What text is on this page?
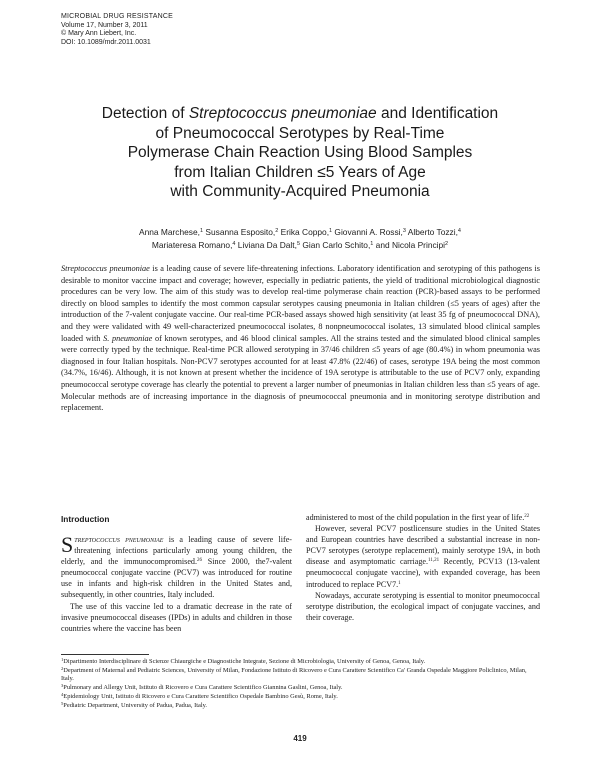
MICROBIAL DRUG RESISTANCE
Volume 17, Number 3, 2011
© Mary Ann Liebert, Inc.
DOI: 10.1089/mdr.2011.0031
Detection of Streptococcus pneumoniae and Identification
of Pneumococcal Serotypes by Real-Time
Polymerase Chain Reaction Using Blood Samples
from Italian Children ≤5 Years of Age
with Community-Acquired Pneumonia
Anna Marchese,$^1$ Susanna Esposito,$^2$ Erika Coppo,$^1$ Giovanni A. Rossi,$^3$ Alberto Tozzi,$^4$
Mariateresa Romano,$^4$ Liviana Da Dalt,$^5$ Gian Carlo Schito,$^1$ and Nicola Principi$^2$
Streptococcus pneumoniae is a leading cause of severe life-threatening infections. Laboratory identification and serotyping of this pathogens is desirable to monitor vaccine impact and coverage; however, especially in pediatric patients, the yield of traditional microbiological diagnostic procedures can be very low. The aim of this study was to develop real-time polymerase chain reaction (PCR)-based assays to be performed directly on blood samples to identify the most common capsular serotypes causing pneumonia in Italian children (≤5 years of ages) after the introduction of the 7-valent conjugate vaccine. Our real-time PCR-based assays showed high sensitivity (at least 35 fg of pneumococcal DNA), and they were validated with 49 well-characterized pneumococcal isolates, 8 nonpneumococcal isolates, 13 simulated blood clinical samples loaded with S. pneumoniae of known serotypes, and 46 blood clinical samples. All the strains tested and the simulated blood clinical samples were correctly typed by the technique. Real-time PCR allowed serotyping in 37/46 children ≤5 years of age (80.4%) in whom pneumonia was diagnosed in four Italian hospitals. Non-PCV7 serotypes accounted for at least 47.8% (22/46) of cases, serotype 19A being the most common (34.7%, 16/46). Although, it is not known at present whether the incidence of 19A serotype is attributable to the use of PCV7 only, expanding pneumococcal serotype coverage has clearly the potential to prevent a larger number of pneumonias in Italian children less than ≤5 years of age. Molecular methods are of increasing importance in the diagnosis of pneumococcal pneumonia and in monitoring serotype distribution and replacement.
Introduction

Streptococcus pneumoniae is a leading cause of severe life-threatening infections particularly among young children, the elderly, and the immunocompromised.$^{26}$ Since 2000, the7-valent pneumococcal conjugate vaccine (PCV7) was introduced for routine use in infants and high-risk children in the United States and, subsequently, in other countries, Italy included.

The use of this vaccine led to a dramatic decrease in the rate of invasive pneumococcal diseases (IPDs) in adults and children in those countries where the vaccine has been

administered to most of the child population in the first year of life.$^{22}$

However, several PCV7 postlicensure studies in the United States and European countries have described a substantial increase in non-PCV7 serotypes (serotype replacement), mainly serotype 19A, in both disease and asymptomatic carriage.$^{11,21}$ Recently, PCV13 (13-valent pneumococcal conjugate vaccine), with expanded coverage, has been introduced to replace PCV7.$^1$

Nowadays, accurate serotyping is essential to monitor pneumococcal serotype distribution, the ecological impact of conjugate vaccines, and their coverage.

$^1$Dipartimento Interdisciplinare di Scienze Chiaurgiche e Diagnostiche Integrate, Sezione di Microbiologia, University of Genoa, Genoa, Italy.
$^2$Department of Maternal and Pediatric Sciences, University of Milan, Fondazione Istituto di Ricovero e Cura Carattere Scientifico Ca' Granda Ospedale Maggiore Policlinico, Milan, Italy.
$^3$Pulmonary and Allergy Unit, Istituto di Ricovero e Cura Carattere Scientifico Giannina Gaslini, Genoa, Italy.
$^4$Epidemiology Unit, Istituto di Ricovero e Cura Carattere Scientifico Ospedale Bambino Gesù, Rome, Italy.
$^5$Pediatric Department, University of Padua, Padua, Italy.
419
